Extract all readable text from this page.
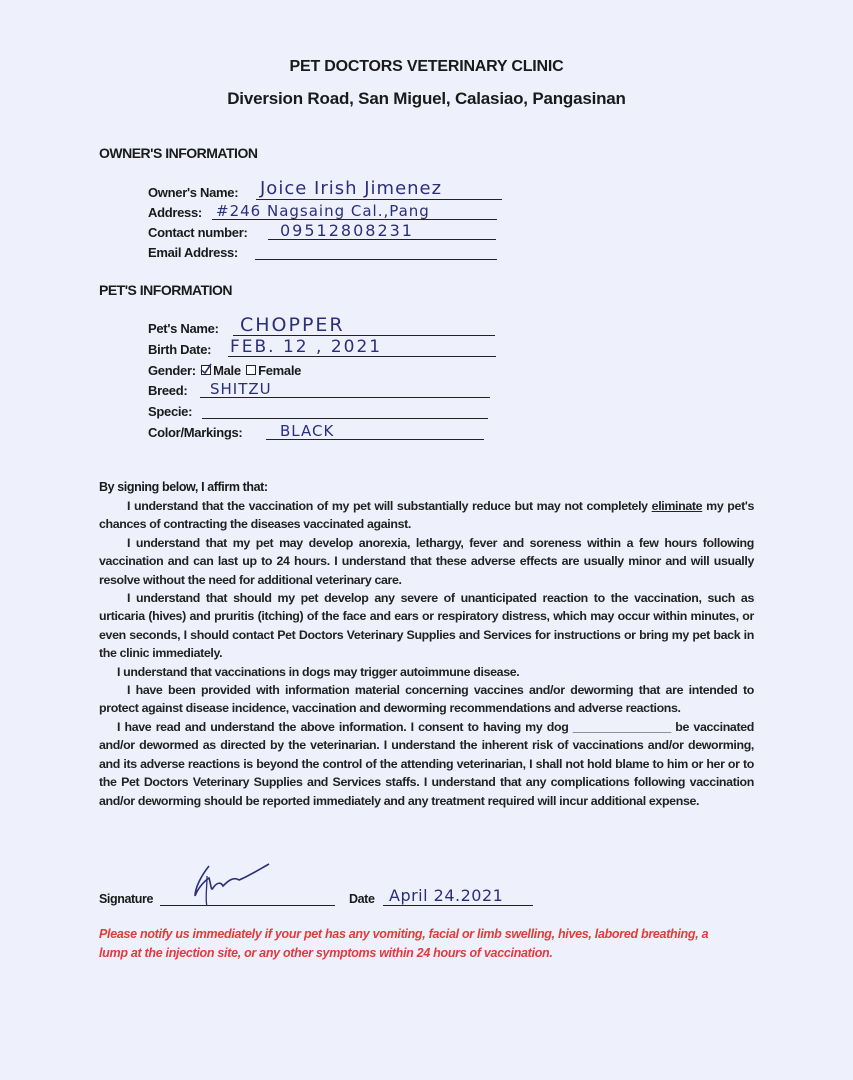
PET DOCTORS VETERINARY CLINIC
Diversion Road, San Miguel, Calasiao, Pangasinan
OWNER'S INFORMATION
Owner's Name: Joice Irish Jimenez
Address: #246 Nagsaing Cal.,Pang
Contact number: 09512808231
Email Address:
PET'S INFORMATION
Pet's Name: CHOPPER
Birth Date: FEB. 12 , 2021
Gender: Male Female
Breed: SHITZU
Specie:
Color/Markings:	BLACK
By signing below, I affirm that:

I understand that the vaccination of my pet will substantially reduce but may not completely eliminate my pet's chances of contracting the diseases vaccinated against.

I understand that my pet may develop anorexia, lethargy, fever and soreness within a few hours following vaccination and can last up to 24 hours. I understand that these adverse effects are usually minor and will usually resolve without the need for additional veterinary care.

I understand that should my pet develop any severe of unanticipated reaction to the vaccination, such as urticaria (hives) and pruritis (itching) of the face and ears or respiratory distress, which may occur within minutes, or even seconds, I should contact Pet Doctors Veterinary Supplies and Services for instructions or bring my pet back in the clinic immediately.

I understand that vaccinations in dogs may trigger autoimmune disease.

I have been provided with information material concerning vaccines and/or deworming that are intended to protect against disease incidence, vaccination and deworming recommendations and adverse reactions.

I have read and understand the above information. I consent to having my dog _______________ be vaccinated and/or dewormed as directed by the veterinarian. I understand the inherent risk of vaccinations and/or deworming, and its adverse reactions is beyond the control of the attending veterinarian, I shall not hold blame to him or her or to the Pet Doctors Veterinary Supplies and Services staffs. I understand that any complications following vaccination and/or deworming should be reported immediately and any treatment required will incur additional expense.

Signature	Date April 24.2021
Please notify us immediately if your pet has any vomiting, facial or limb swelling, hives, labored breathing, a lump at the injection site, or any other symptoms within 24 hours of vaccination.
